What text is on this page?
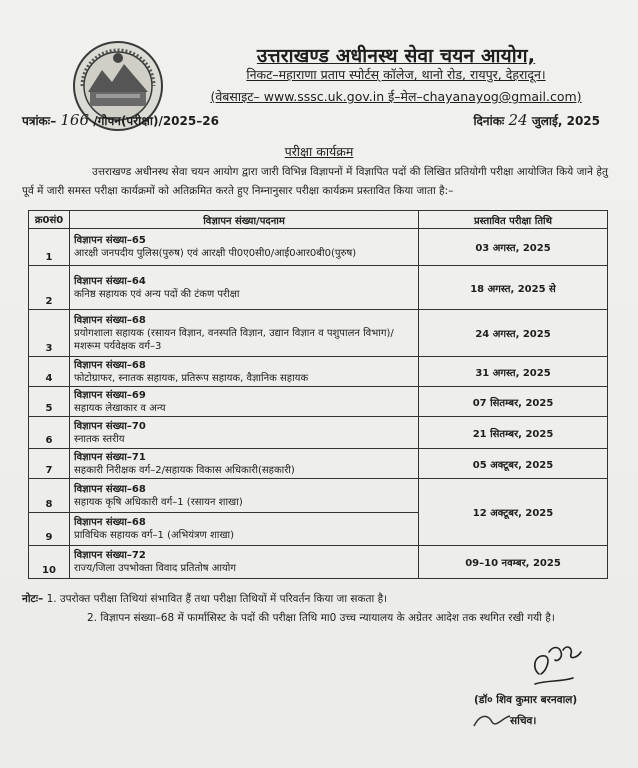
उत्तराखण्ड अधीनस्थ सेवा चयन आयोग,
निकट–महाराणा प्रताप स्पोर्टस् कॉलेज, थानो रोड, रायपुर, देहरादून।
(वेबसाइट– www.sssc.uk.gov.in ई–मेल–chayanayog@gmail.com)
पत्रांकः– 166 /गोपन(परीक्षा)/2025–26	दिनांकः 24 जुलाई, 2025
परीक्षा कार्यक्रम
उत्तराखण्ड अधीनस्थ सेवा चयन आयोग द्वारा जारी विभिन्न विज्ञापनों में विज्ञापित पदों की लिखित प्रतियोगी परीक्षा आयोजित किये जाने हेतु पूर्व में जारी समस्त परीक्षा कार्यक्रमों को अतिक्रमित करते हुए निम्नानुसार परीक्षा कार्यक्रम प्रस्तावित किया जाता है:–
क्र0सं0	विज्ञापन संख्या/पदनाम	प्रस्तावित परीक्षा तिथि
1	विज्ञापन संख्या–65
आरक्षी जनपदीय पुलिस(पुरुष) एवं आरक्षी पी0ए0सी0/आई0आर0बी0(पुरुष)	03 अगस्त, 2025
2	विज्ञापन संख्या–64
कनिष्ठ सहायक एवं अन्य पदों की टंकण परीक्षा	18 अगस्त, 2025 से
3	विज्ञापन संख्या–68
प्रयोगशाला सहायक (रसायन विज्ञान, वनस्पति विज्ञान, उद्यान विज्ञान व पशुपालन विभाग)/मशरूम पर्यवेक्षक वर्ग–3	24 अगस्त, 2025
4	विज्ञापन संख्या–68
फोटोग्राफर, स्नातक सहायक, प्रतिरूप सहायक, वैज्ञानिक सहायक	31 अगस्त, 2025
5	विज्ञापन संख्या–69
सहायक लेखाकार व अन्य	07 सितम्बर, 2025
6	विज्ञापन संख्या–70
स्नातक स्तरीय	21 सितम्बर, 2025
7	विज्ञापन संख्या–71
सहकारी निरीक्षक वर्ग–2/सहायक विकास अधिकारी(सहकारी)	05 अक्टूबर, 2025
8	विज्ञापन संख्या–68
सहायक कृषि अधिकारी वर्ग–1 (रसायन शाखा)	12 अक्टूबर, 2025
9	विज्ञापन संख्या–68
प्राविधिक सहायक वर्ग–1 (अभियंत्रण शाखा)	

10	विज्ञापन संख्या–72
राज्य/जिला उपभोक्ता विवाद प्रतितोष आयोग	09–10 नवम्बर, 2025
नोटः– 1. उपरोक्त परीक्षा तिथियां संभावित हैं तथा परीक्षा तिथियों में परिवर्तन किया जा सकता है।
2. विज्ञापन संख्या–68 में फार्मासिस्ट के पदों की परीक्षा तिथि मा0 उच्च न्यायालय के अग्रेतर आदेश तक स्थगित रखी गयी है।
(डॉ० शिव कुमार बरनवाल)
सचिव।
